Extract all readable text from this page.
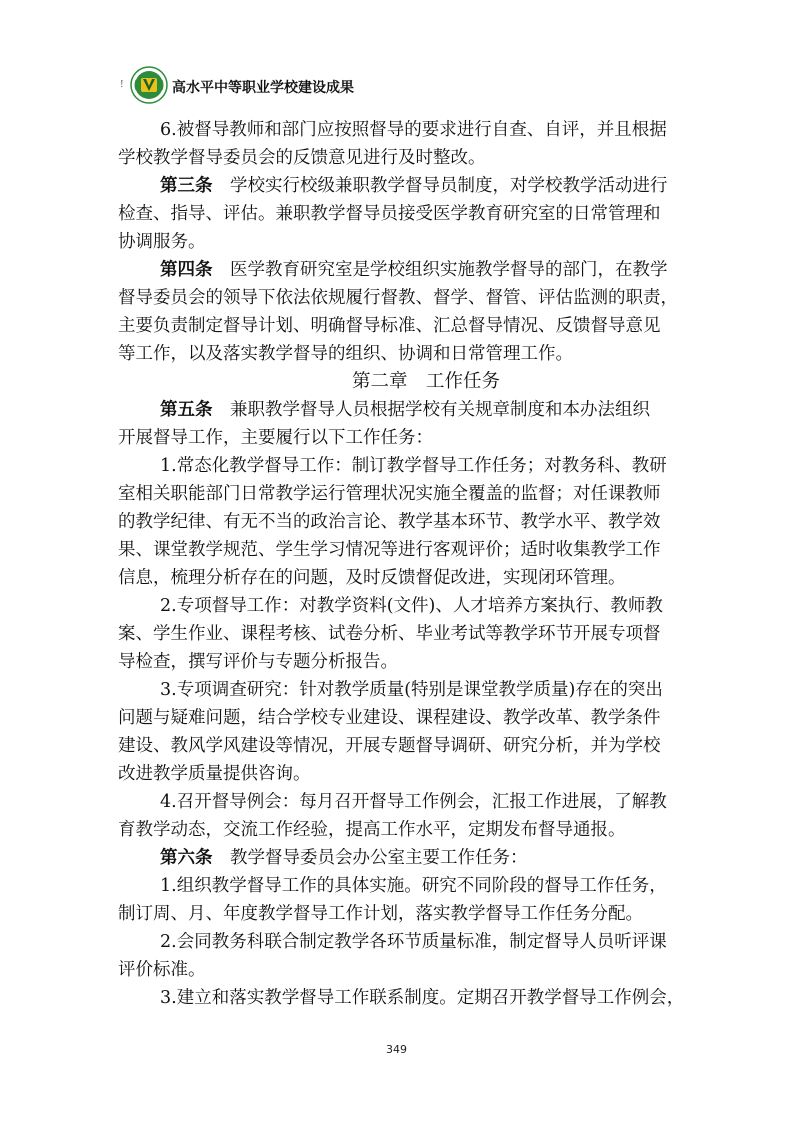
!	高水平中等职业学校建设成果
6.被督导教师和部门应按照督导的要求进行自查、自评，并且根据
学校教学督导委员会的反馈意见进行及时整改。
第三条　 学校实行校级兼职教学督导员制度，对学校教学活动进行
检查、指导、评估。兼职教学督导员接受医学教育研究室的日常管理和
协调服务。
第四条　 医学教育研究室是学校组织实施教学督导的部门，在教学
督导委员会的领导下依法依规履行督教、督学、督管、评估监测的职责，
主要负责制定督导计划、明确督导标准、汇总督导情况、反馈督导意见
等工作，以及落实教学督导的组织、协调和日常管理工作。
第二章　工作任务
第五条　 兼职教学督导人员根据学校有关规章制度和本办法组织
开展督导工作，主要履行以下工作任务：
1.常态化教学督导工作：制订教学督导工作任务；对教务科、教研
室相关职能部门日常教学运行管理状况实施全覆盖的监督；对任课教师
的教学纪律、有无不当的政治言论、教学基本环节、教学水平、教学效
果、课堂教学规范、学生学习情况等进行客观评价；适时收集教学工作
信息，梳理分析存在的问题，及时反馈督促改进，实现闭环管理。
2.专项督导工作：对教学资料(文件)、人才培养方案执行、教师教
案、学生作业、课程考核、试卷分析、毕业考试等教学环节开展专项督
导检查，撰写评价与专题分析报告。
3.专项调查研究：针对教学质量(特别是课堂教学质量)存在的突出
问题与疑难问题，结合学校专业建设、课程建设、教学改革、教学条件
建设、教风学风建设等情况，开展专题督导调研、研究分析，并为学校
改进教学质量提供咨询。
4.召开督导例会：每月召开督导工作例会，汇报工作进展，了解教
育教学动态，交流工作经验，提高工作水平，定期发布督导通报。
第六条　 教学督导委员会办公室主要工作任务：
1.组织教学督导工作的具体实施。研究不同阶段的督导工作任务，
制订周、月、年度教学督导工作计划，落实教学督导工作任务分配。
2.会同教务科联合制定教学各环节质量标准，制定督导人员听评课
评价标准。
3.建立和落实教学督导工作联系制度。定期召开教学督导工作例会，
349
